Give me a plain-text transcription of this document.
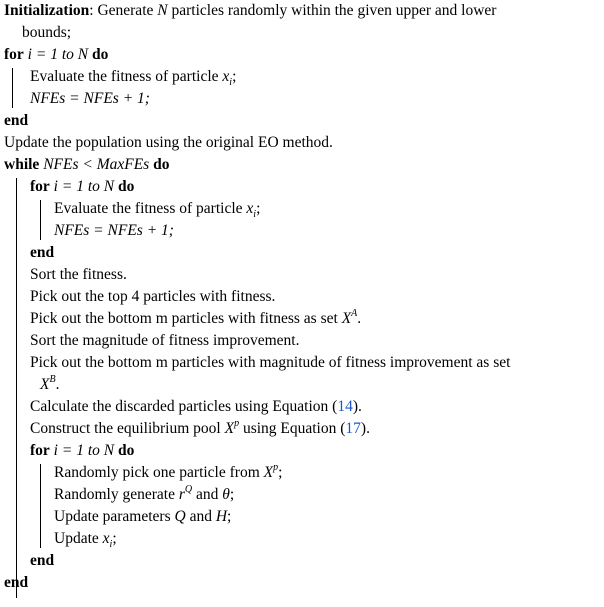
Initialization: Generate N particles randomly within the given upper and lower
bounds;
for i = 1 to N do
Evaluate the fitness of particle $x_i$;
NFEs = NFEs + 1;
end
Update the population using the original EO method.
while NFEs < MaxFEs do
for i = 1 to N do
Evaluate the fitness of particle $x_i$;
NFEs = NFEs + 1;
end
Sort the fitness.
Pick out the top 4 particles with fitness.
Pick out the bottom m particles with fitness as set $X^A$.
Sort the magnitude of fitness improvement.
Pick out the bottom m particles with magnitude of fitness improvement as set
$X^B$.
Calculate the discarded particles using Equation (14).
Construct the equilibrium pool $X^p$ using Equation (17).
for i = 1 to N do
Randomly pick one particle from $X^p$;
Randomly generate $r^Q$ and θ;
Update parameters Q and H;
Update $x_i$;
end
end
